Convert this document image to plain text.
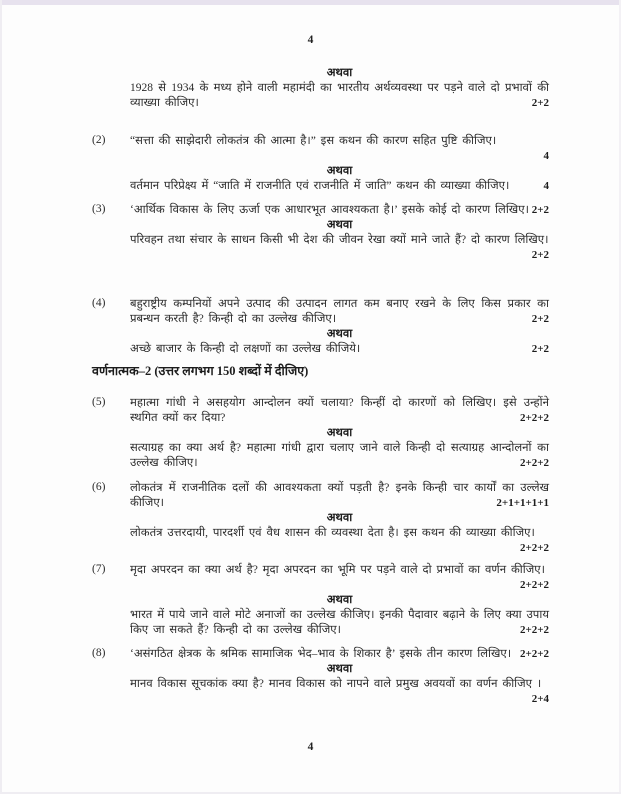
4
अथवा
1928 से 1934 के मध्य होने वाली महामंदी का भारतीय अर्थव्यवस्था पर पड़ने वाले दो प्रभावों की व्याख्या कीजिए।	2+2
(2) “सत्ता की साझेदारी लोकतंत्र की आत्मा है।” इस कथन की कारण सहित पुष्टि कीजिए।
4
अथवा
वर्तमान परिप्रेक्ष्य में “जाति में राजनीति एवं राजनीति में जाति” कथन की व्याख्या कीजिए।	4
(3) ‘आर्थिक विकास के लिए ऊर्जा एक आधारभूत आवश्यकता है।’ इसके कोई दो कारण लिखिए। 2+2
अथवा
परिवहन तथा संचार के साधन किसी भी देश की जीवन रेखा क्यों माने जाते हैं? दो कारण लिखिए।
2+2
(4) बहुराष्ट्रीय कम्पनियों अपने उत्पाद की उत्पादन लागत कम बनाए रखने के लिए किस प्रकार का प्रबन्धन करती है? किन्ही दो का उल्लेख कीजिए।	2+2
अथवा
अच्छे बाजार के किन्ही दो लक्षणों का उल्लेख कीजिये।	2+2
वर्णनात्मक–2 (उत्तर लगभग 150 शब्दों में दीजिए)
(5) महात्मा गांधी ने असहयोग आन्दोलन क्यों चलाया? किन्हीं दो कारणों को लिखिए। इसे उन्होंने स्थगित क्यों कर दिया?	2+2+2
अथवा
सत्याग्रह का क्या अर्थ है? महात्मा गांधी द्वारा चलाए जाने वाले किन्ही दो सत्याग्रह आन्दोलनों का उल्लेख कीजिए।	2+2+2
(6) लोकतंत्र में राजनीतिक दलों की आवश्यकता क्यों पड़ती है? इनके किन्ही चार कार्यों का उल्लेख कीजिए।	2+1+1+1+1
अथवा
लोकतंत्र उत्तरदायी, पारदर्शी एवं वैध शासन की व्यवस्था देता है। इस कथन की व्याख्या कीजिए।
2+2+2
(7) मृदा अपरदन का क्या अर्थ है? मृदा अपरदन का भूमि पर पड़ने वाले दो प्रभावों का वर्णन कीजिए।
2+2+2
अथवा
भारत में पाये जाने वाले मोटे अनाजों का उल्लेख कीजिए। इनकी पैदावार बढ़ाने के लिए क्या उपाय किए जा सकते हैं? किन्ही दो का उल्लेख कीजिए।	2+2+2
(8) ‘असंगठित क्षेत्रक के श्रमिक सामाजिक भेद–भाव के शिकार है’ इसके तीन कारण लिखिए। 2+2+2
अथवा
मानव विकास सूचकांक क्या है? मानव विकास को नापने वाले प्रमुख अवयवों का वर्णन कीजिए ।
2+4
4
